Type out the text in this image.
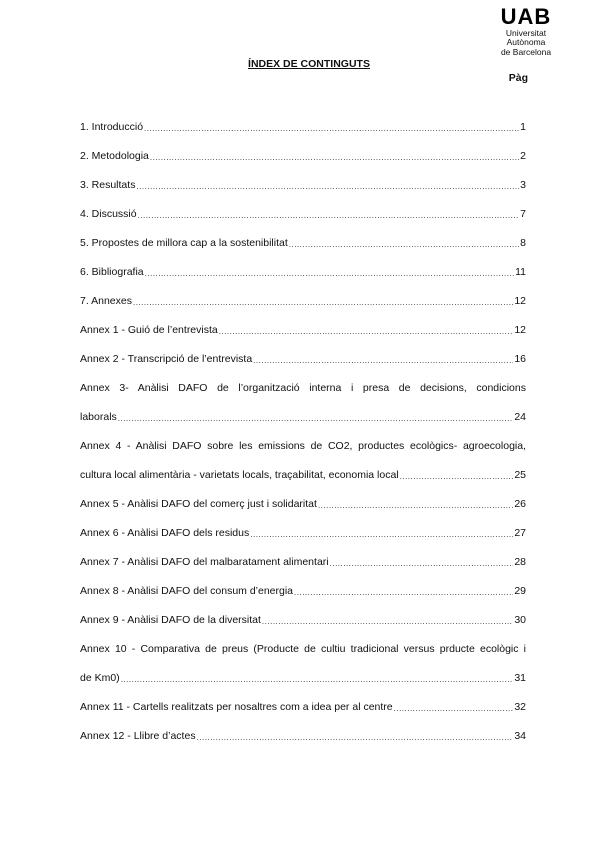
UAB
Universitat Autònoma
de Barcelona
ÍNDEX DE CONTINGUTS
Pàg
1. Introducció .....	1
2. Metodologia .....	2
3. Resultats .....	3
4. Discussió .....	7
5. Propostes de millora cap a la sostenibilitat .....	8
6. Bibliografia .....	11
7. Annexes .....	12
Annex 1 - Guió de l’entrevista .....	12
Annex 2 - Transcripció de l’entrevista .....	16
Annex 3- Anàlisi DAFO de l’organització interna i presa de decisions, condicions
laborals .....	24
Annex 4 - Anàlisi DAFO sobre les emissions de CO2, productes ecològics- agroecologia,
cultura local alimentària - varietats locals, traçabilitat, economia local .....	25
Annex 5 - Anàlisi DAFO del comerç just i solidaritat .....	26
Annex 6 - Anàlisi DAFO dels residus .....	27
Annex 7 - Anàlisi DAFO del malbaratament alimentari .....	28
Annex 8 - Anàlisi DAFO del consum d’energia .....	29
Annex 9 - Anàlisi DAFO de la diversitat .....	30
Annex 10 - Comparativa de preus (Producte de cultiu tradicional versus prducte ecològic i
de Km0) .....	31
Annex 11 - Cartells realitzats per nosaltres com a idea per al centre .....	32
Annex 12 - Llibre d’actes .....	34
